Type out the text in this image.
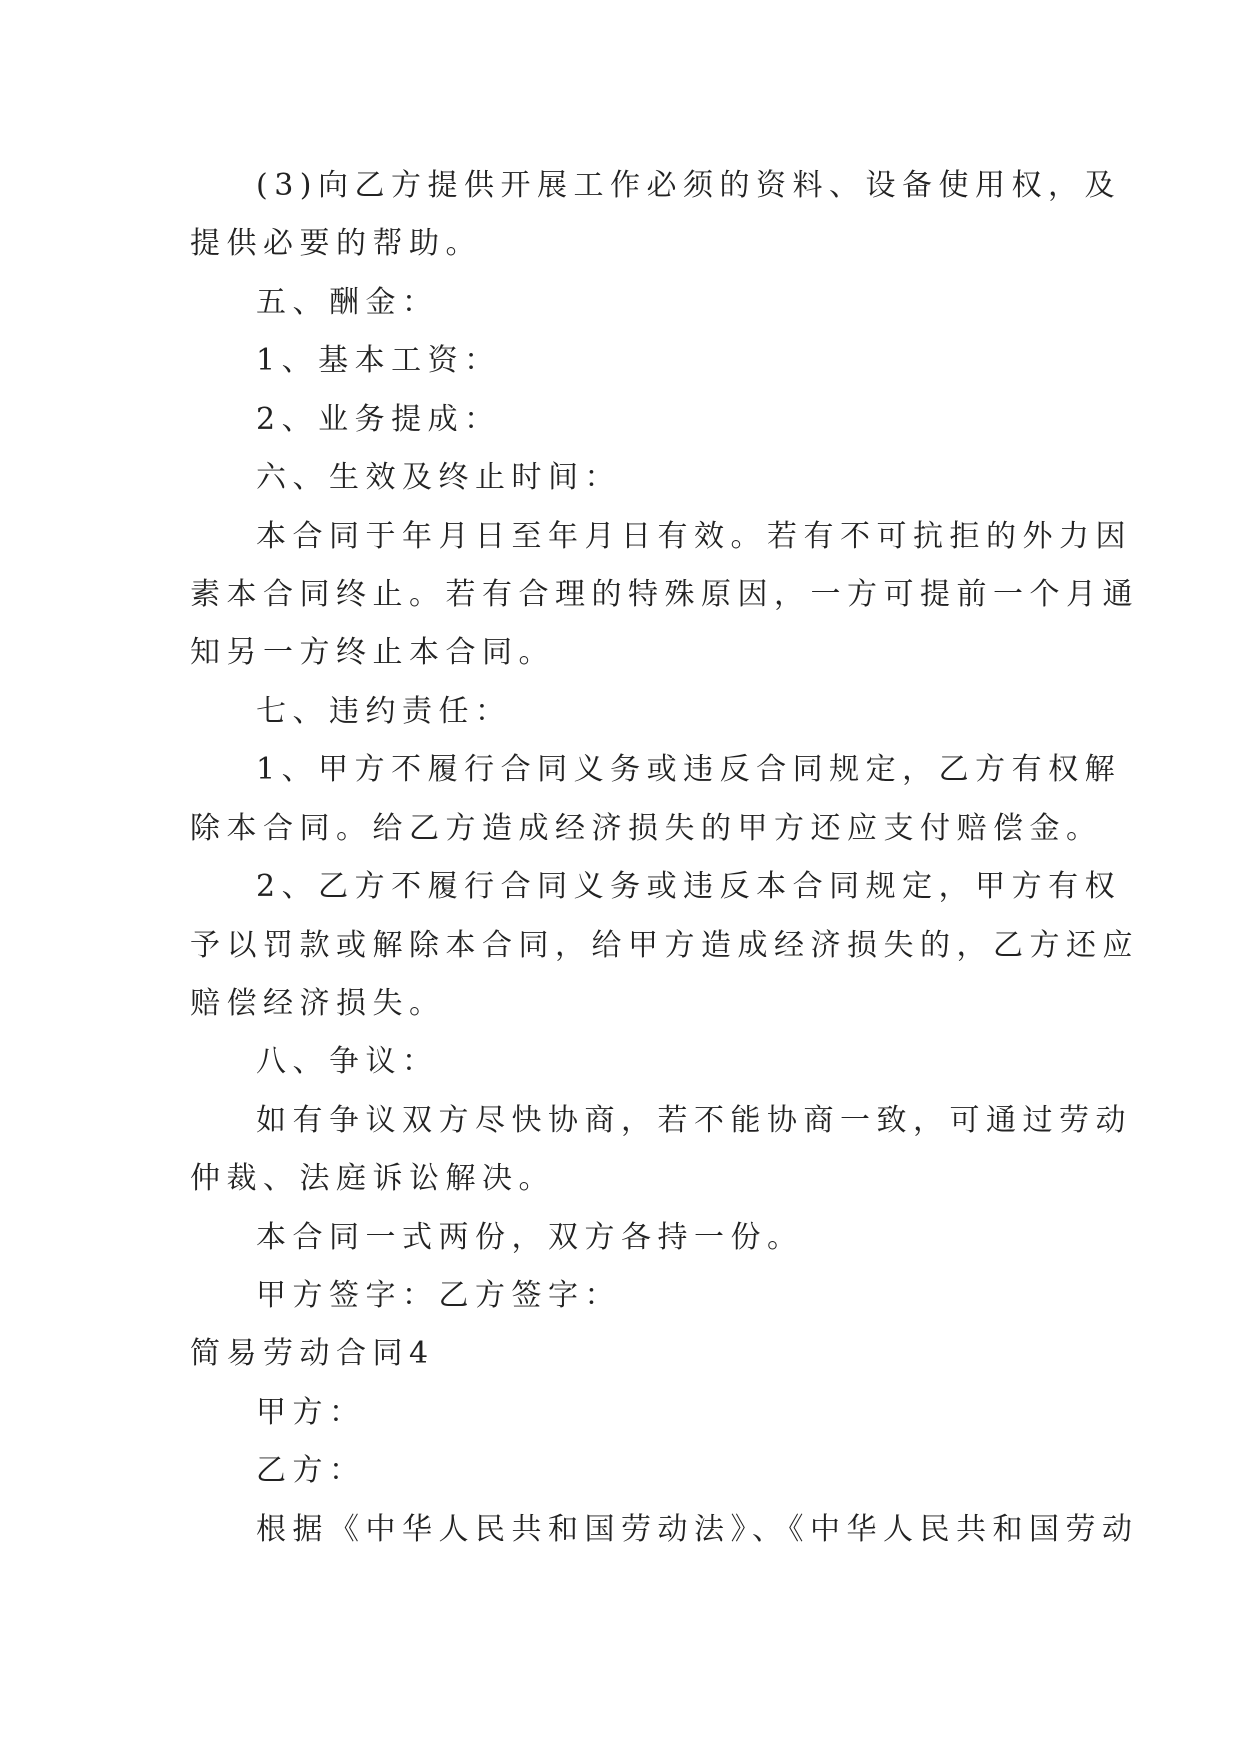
(3)向乙方提供开展工作必须的资料、设备使用权，及
提供必要的帮助。
五、酬金：
1、基本工资：
2、业务提成：
六、生效及终止时间：
本合同于年月日至年月日有效。若有不可抗拒的外力因
素本合同终止。若有合理的特殊原因，一方可提前一个月通
知另一方终止本合同。
七、违约责任：
1、甲方不履行合同义务或违反合同规定，乙方有权解
除本合同。给乙方造成经济损失的甲方还应支付赔偿金。
2、乙方不履行合同义务或违反本合同规定，甲方有权
予以罚款或解除本合同，给甲方造成经济损失的，乙方还应
赔偿经济损失。
八、争议：
如有争议双方尽快协商，若不能协商一致，可通过劳动
仲裁、法庭诉讼解决。
本合同一式两份，双方各持一份。
甲方签字：乙方签字：
简易劳动合同4
甲方：
乙方：
根据《中华人民共和国劳动法》、《中华人民共和国劳动
